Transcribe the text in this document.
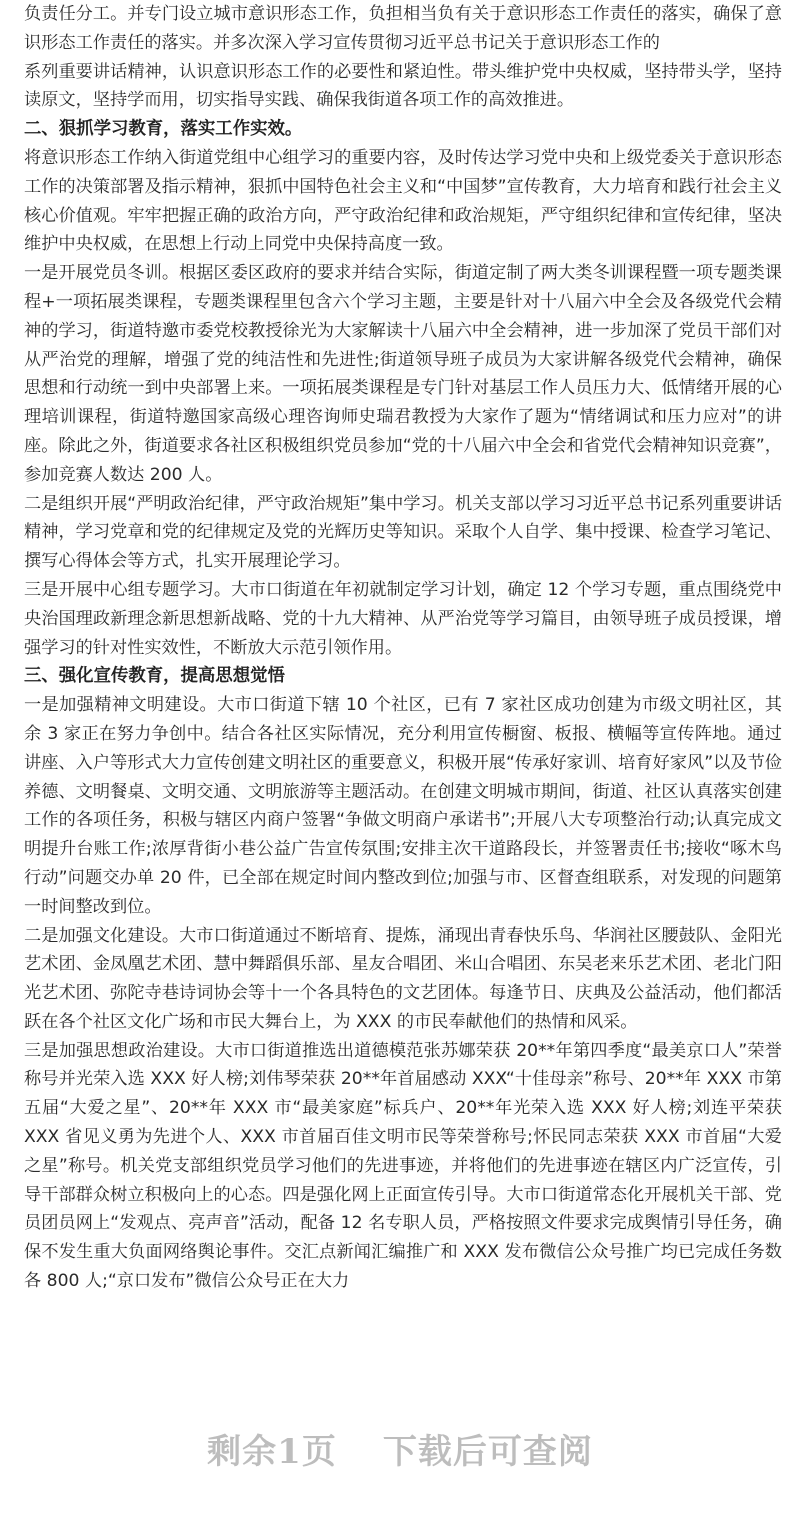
负责任分工。并专门设立城市意识形态工作，负担相当负有关于意识形态工作责任的落实，确保了意识形态工作责任的落实。并多次深入学习宣传贯彻习近平总书记关于意识形态工作的

系列重要讲话精神，认识意识形态工作的必要性和紧迫性。带头维护党中央权威，坚持带头学，坚持读原文，坚持学而用，切实指导实践、确保我街道各项工作的高效推进。

二、狠抓学习教育，落实工作实效。

将意识形态工作纳入街道党组中心组学习的重要内容，及时传达学习党中央和上级党委关于意识形态工作的决策部署及指示精神，狠抓中国特色社会主义和“中国梦”宣传教育，大力培育和践行社会主义核心价值观。牢牢把握正确的政治方向，严守政治纪律和政治规矩，严守组织纪律和宣传纪律，坚决维护中央权威，在思想上行动上同党中央保持高度一致。

一是开展党员冬训。根据区委区政府的要求并结合实际，街道定制了两大类冬训课程暨一项专题类课程+一项拓展类课程，专题类课程里包含六个学习主题，主要是针对十八届六中全会及各级党代会精神的学习，街道特邀市委党校教授徐光为大家解读十八届六中全会精神，进一步加深了党员干部们对从严治党的理解，增强了党的纯洁性和先进性;街道领导班子成员为大家讲解各级党代会精神，确保思想和行动统一到中央部署上来。一项拓展类课程是专门针对基层工作人员压力大、低情绪开展的心理培训课程，街道特邀国家高级心理咨询师史瑞君教授为大家作了题为“情绪调试和压力应对”的讲座。除此之外，街道要求各社区积极组织党员参加“党的十八届六中全会和省党代会精神知识竞赛”，参加竞赛人数达 200 人。

二是组织开展“严明政治纪律，严守政治规矩”集中学习。机关支部以学习习近平总书记系列重要讲话精神，学习党章和党的纪律规定及党的光辉历史等知识。采取个人自学、集中授课、检查学习笔记、撰写心得体会等方式，扎实开展理论学习。

三是开展中心组专题学习。大市口街道在年初就制定学习计划，确定 12 个学习专题，重点围绕党中央治国理政新理念新思想新战略、党的十九大精神、从严治党等学习篇目，由领导班子成员授课，增强学习的针对性实效性，不断放大示范引领作用。

三、强化宣传教育，提高思想觉悟

一是加强精神文明建设。大市口街道下辖 10 个社区，已有 7 家社区成功创建为市级文明社区，其余 3 家正在努力争创中。结合各社区实际情况，充分利用宣传橱窗、板报、横幅等宣传阵地。通过讲座、入户等形式大力宣传创建文明社区的重要意义，积极开展“传承好家训、培育好家风”以及节俭养德、文明餐桌、文明交通、文明旅游等主题活动。在创建文明城市期间，街道、社区认真落实创建工作的各项任务，积极与辖区内商户签署“争做文明商户承诺书”;开展八大专项整治行动;认真完成文明提升台账工作;浓厚背街小巷公益广告宣传氛围;安排主次干道路段长，并签署责任书;接收“啄木鸟行动”问题交办单 20 件，已全部在规定时间内整改到位;加强与市、区督查组联系，对发现的问题第一时间整改到位。

二是加强文化建设。大市口街道通过不断培育、提炼，涌现出青春快乐鸟、华润社区腰鼓队、金阳光艺术团、金凤凰艺术团、慧中舞蹈俱乐部、星友合唱团、米山合唱团、东吴老来乐艺术团、老北门阳光艺术团、弥陀寺巷诗词协会等十一个各具特色的文艺团体。每逢节日、庆典及公益活动，他们都活跃在各个社区文化广场和市民大舞台上，为 XXX 的市民奉献他们的热情和风采。

三是加强思想政治建设。大市口街道推选出道德模范张苏娜荣获 20**年第四季度“最美京口人”荣誉称号并光荣入选 XXX 好人榜;刘伟琴荣获 20**年首届感动 XXX“十佳母亲”称号、20**年 XXX 市第五届“大爱之星”、20**年 XXX 市“最美家庭”标兵户、20**年光荣入选 XXX 好人榜;刘连平荣获 XXX 省见义勇为先进个人、XXX 市首届百佳文明市民等荣誉称号;怀民同志荣获 XXX 市首届“大爱之星”称号。机关党支部组织党员学习他们的先进事迹，并将他们的先进事迹在辖区内广泛宣传，引导干部群众树立积极向上的心态。四是强化网上正面宣传引导。大市口街道常态化开展机关干部、党员团员网上“发观点、亮声音”活动，配备 12 名专职人员，严格按照文件要求完成舆情引导任务，确保不发生重大负面网络舆论事件。交汇点新闻汇编推广和 XXX 发布微信公众号推广均已完成任务数各 800 人;“京口发布”微信公众号正在大力

剩余1页 下载后可查阅
